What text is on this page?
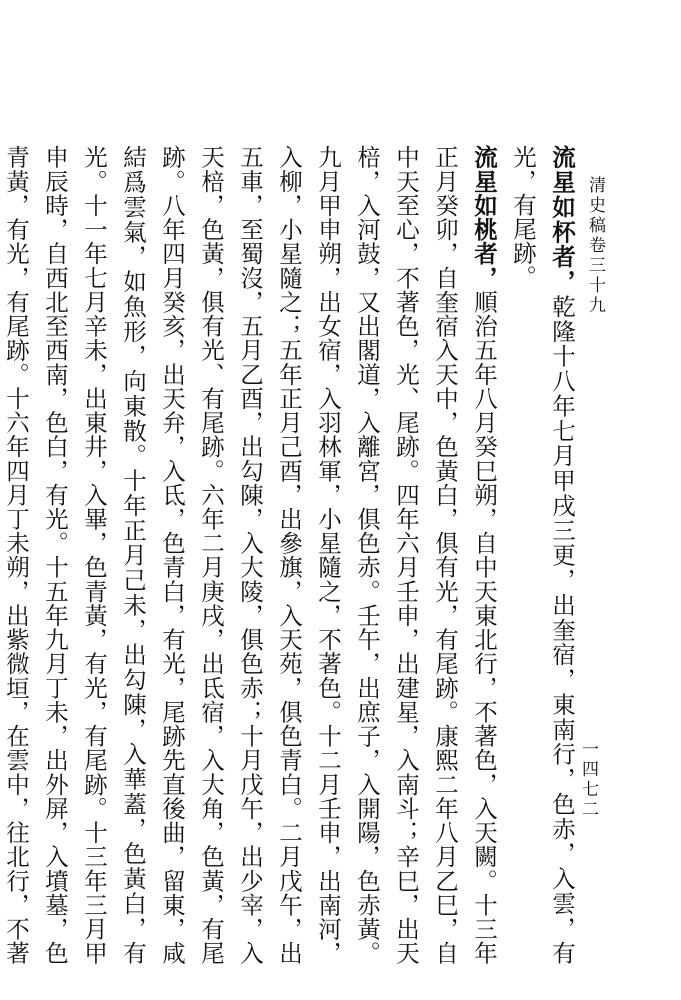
清史稿卷三十九
一四七二
流星如杯者，乾隆十八年七月甲戌三更，出奎宿，東南行，色赤，入雲，有光，有尾跡。
流星如桃者，順治五年八月癸巳朔，自中天東北行，不著色，入天闕。十三年正月癸卯，自奎宿入天中，色黃白，俱有光，有尾跡。康熙二年八月乙巳，自中天至心，不著色，光、尾跡。四年六月壬申，出建星，入南斗；辛巳，出天棓，入河鼓，又出閣道，入離宮，俱色赤。壬午，出庶子，入開陽，色赤黃。九月甲申朔，出女宿，入羽林軍，小星隨之，不著色。十二月壬申，出南河，入柳，小星隨之；五年正月己酉，出參旗，入天苑，俱色青白。二月戊午，出五車，至蜀沒，五月乙酉，出勾陳，入大陵，俱色赤；十月戊午，出少宰，入天棓，色黃，俱有光、有尾跡。六年二月庚戌，出氐宿，入大角，色黃，有尾跡。八年四月癸亥，出天弁，入氐，色青白，有光，尾跡先直後曲，留東，咸結爲雲氣，如魚形，向東散。十年正月己未，出勾陳，入華蓋，色黃白，有光。十一年七月辛未，出東井，入畢，色青黃，有光，有尾跡。十三年三月甲申辰時，自西北至西南，色白，有光。十五年九月丁未，出外屏，入墳墓，色青黃，有光，有尾跡。十六年四月丁未朔，出紫微垣，在雲中，往北行，不著
